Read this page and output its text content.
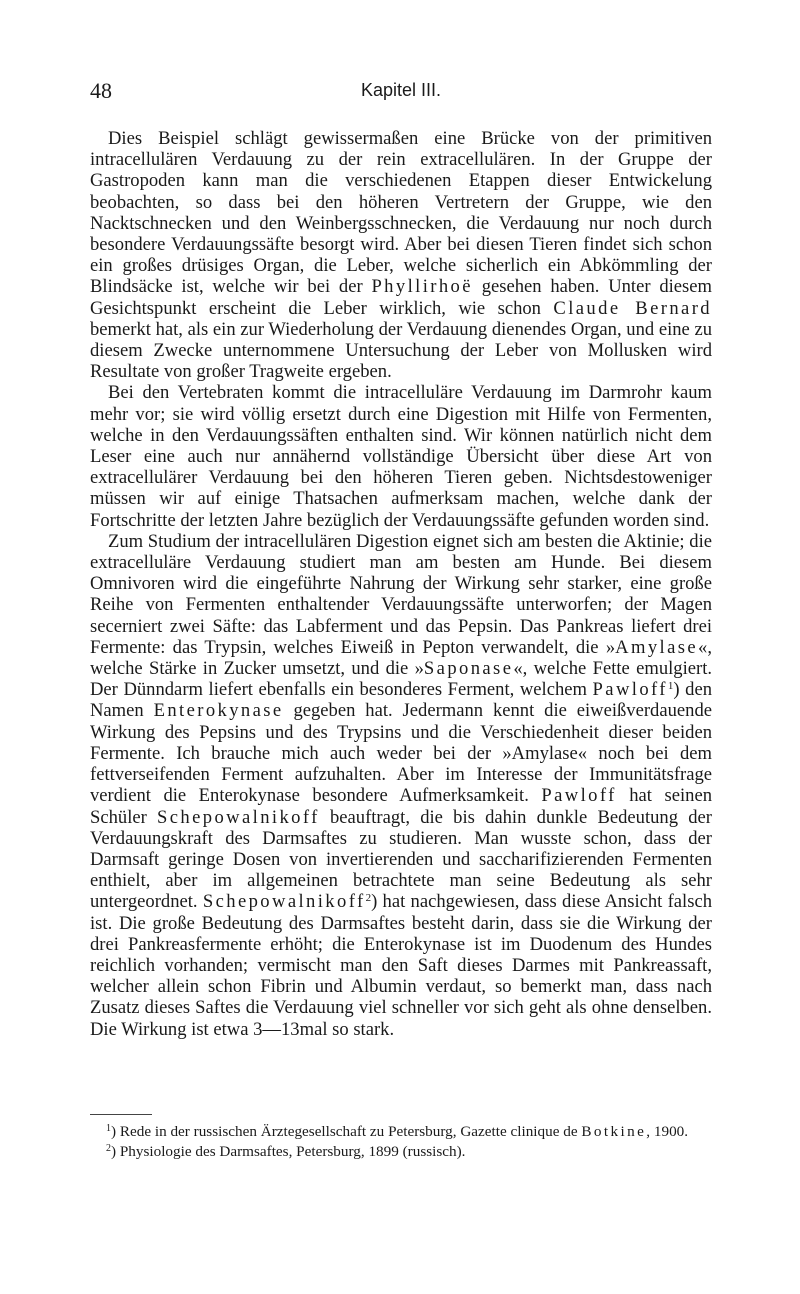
48	Kapitel III.

Dies Beispiel schlägt gewissermaßen eine Brücke von der primitiven intracellulären Verdauung zu der rein extracellulären. In der Gruppe der Gastropoden kann man die verschiedenen Etappen dieser Entwickelung beobachten, so dass bei den höheren Vertretern der Gruppe, wie den Nacktschnecken und den Weinbergsschnecken, die Verdauung nur noch durch besondere Verdauungssäfte besorgt wird. Aber bei diesen Tieren findet sich schon ein großes drüsiges Organ, die Leber, welche sicherlich ein Abkömmling der Blindsäcke ist, welche wir bei der Phyllirhoë gesehen haben. Unter diesem Gesichtspunkt erscheint die Leber wirklich, wie schon Claude Bernard bemerkt hat, als ein zur Wiederholung der Verdauung dienendes Organ, und eine zu diesem Zwecke unternommene Untersuchung der Leber von Mollusken wird Resultate von großer Tragweite ergeben.

Bei den Vertebraten kommt die intracelluläre Verdauung im Darmrohr kaum mehr vor; sie wird völlig ersetzt durch eine Digestion mit Hilfe von Fermenten, welche in den Verdauungssäften enthalten sind. Wir können natürlich nicht dem Leser eine auch nur annähernd vollständige Übersicht über diese Art von extracellulärer Verdauung bei den höheren Tieren geben. Nichtsdestoweniger müssen wir auf einige Thatsachen aufmerksam machen, welche dank der Fortschritte der letzten Jahre bezüglich der Verdauungssäfte gefunden worden sind.

Zum Studium der intracellulären Digestion eignet sich am besten die Aktinie; die extracelluläre Verdauung studiert man am besten am Hunde. Bei diesem Omnivoren wird die eingeführte Nahrung der Wirkung sehr starker, eine große Reihe von Fermenten enthaltender Verdauungssäfte unterworfen; der Magen secerniert zwei Säfte: das Labferment und das Pepsin. Das Pankreas liefert drei Fermente: das Trypsin, welches Eiweiß in Pepton verwandelt, die »Amylase«, welche Stärke in Zucker umsetzt, und die »Saponase«, welche Fette emulgiert. Der Dünndarm liefert ebenfalls ein besonderes Ferment, welchem Pawloff$^1$) den Namen Enterokynase gegeben hat. Jedermann kennt die eiweißverdauende Wirkung des Pepsins und des Trypsins und die Verschiedenheit dieser beiden Fermente. Ich brauche mich auch weder bei der »Amylase« noch bei dem fettverseifenden Ferment aufzuhalten. Aber im Interesse der Immunitätsfrage verdient die Enterokynase besondere Aufmerksamkeit. Pawloff hat seinen Schüler Schepowalnikoff beauftragt, die bis dahin dunkle Bedeutung der Verdauungskraft des Darmsaftes zu studieren. Man wusste schon, dass der Darmsaft geringe Dosen von invertierenden und saccharifizierenden Fermenten enthielt, aber im allgemeinen betrachtete man seine Bedeutung als sehr untergeordnet. Schepowalnikoff$^2$) hat nachgewiesen, dass diese Ansicht falsch ist. Die große Bedeutung des Darmsaftes besteht darin, dass sie die Wirkung der drei Pankreasfermente erhöht; die Enterokynase ist im Duodenum des Hundes reichlich vorhanden; vermischt man den Saft dieses Darmes mit Pankreassaft, welcher allein schon Fibrin und Albumin verdaut, so bemerkt man, dass nach Zusatz dieses Saftes die Verdauung viel schneller vor sich geht als ohne denselben. Die Wirkung ist etwa 3—13mal so stark.

$^1$) Rede in der russischen Ärztegesellschaft zu Petersburg, Gazette clinique de Botkine, 1900.

$^2$) Physiologie des Darmsaftes, Petersburg, 1899 (russisch).
